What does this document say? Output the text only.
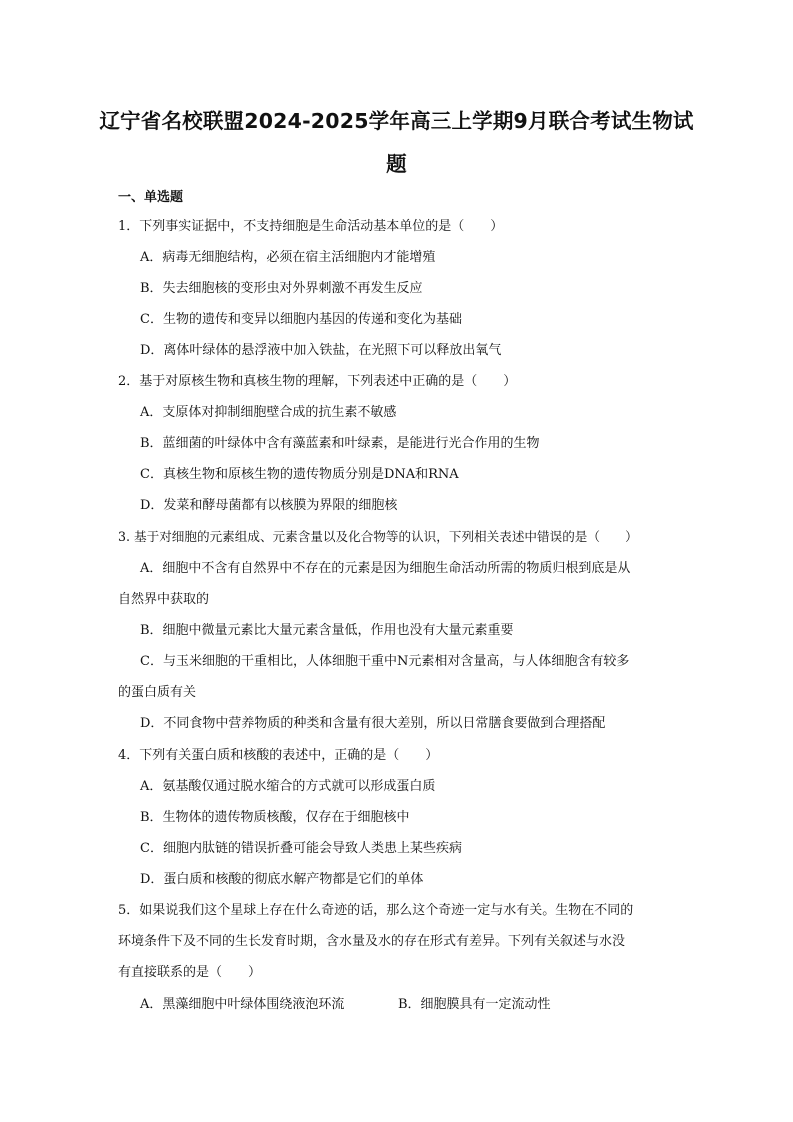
辽宁省名校联盟2024-2025学年高三上学期9月联合考试生物试
题
一、单选题
1．下列事实证据中，不支持细胞是生命活动基本单位的是（　　）
A．病毒无细胞结构，必须在宿主活细胞内才能增殖
B．失去细胞核的变形虫对外界刺激不再发生反应
C．生物的遗传和变异以细胞内基因的传递和变化为基础
D．离体叶绿体的悬浮液中加入铁盐，在光照下可以释放出氧气
2．基于对原核生物和真核生物的理解，下列表述中正确的是（　　）
A．支原体对抑制细胞壁合成的抗生素不敏感
B．蓝细菌的叶绿体中含有藻蓝素和叶绿素，是能进行光合作用的生物
C．真核生物和原核生物的遗传物质分别是DNA和RNA
D．发菜和酵母菌都有以核膜为界限的细胞核
3. 基于对细胞的元素组成、元素含量以及化合物等的认识，下列相关表述中错误的是（　　）
A．细胞中不含有自然界中不存在的元素是因为细胞生命活动所需的物质归根到底是从
自然界中获取的
B．细胞中微量元素比大量元素含量低，作用也没有大量元素重要
C．与玉米细胞的干重相比，人体细胞干重中N元素相对含量高，与人体细胞含有较多
的蛋白质有关
D．不同食物中营养物质的种类和含量有很大差别，所以日常膳食要做到合理搭配
4．下列有关蛋白质和核酸的表述中，正确的是（　　）
A．氨基酸仅通过脱水缩合的方式就可以形成蛋白质
B．生物体的遗传物质核酸，仅存在于细胞核中
C．细胞内肽链的错误折叠可能会导致人类患上某些疾病
D．蛋白质和核酸的彻底水解产物都是它们的单体
5．如果说我们这个星球上存在什么奇迹的话，那么这个奇迹一定与水有关。生物在不同的
环境条件下及不同的生长发育时期，含水量及水的存在形式有差异。下列有关叙述与水没
有直接联系的是（　　）
A．黑藻细胞中叶绿体围绕液泡环流	B．细胞膜具有一定流动性
